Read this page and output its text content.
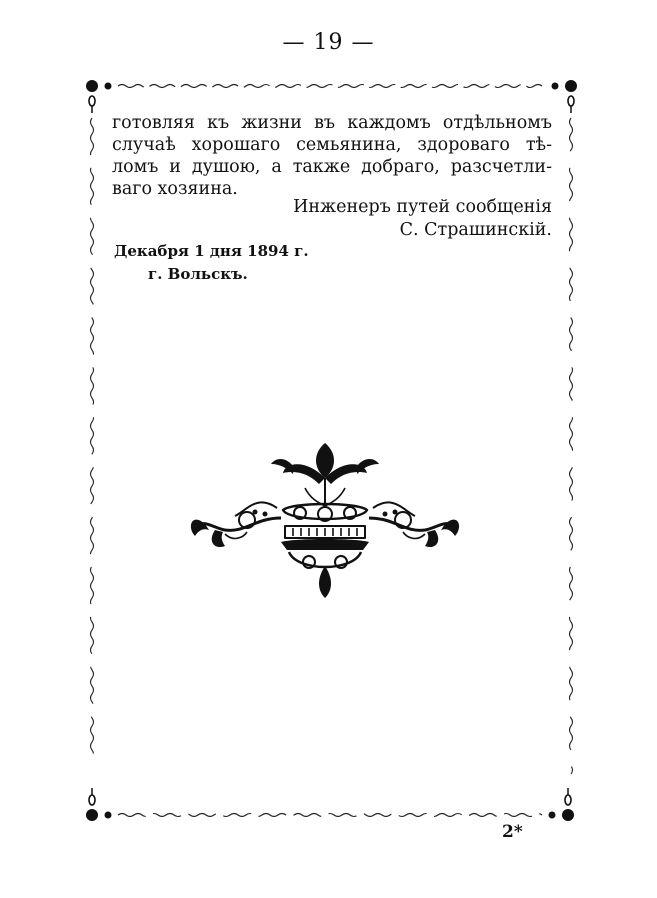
— 19 —
готовляя къ жизни въ каждомъ отдѣльномъ
случаѣ хорошаго семьянина, здороваго тѣ-
ломъ и душою, а также добраго, разсчетли-
ваго хозяина.
Инженеръ путей сообщенія
С. Страшинскій.
Декабря 1 дня 1894 г.
г. Вольскъ.
2*
